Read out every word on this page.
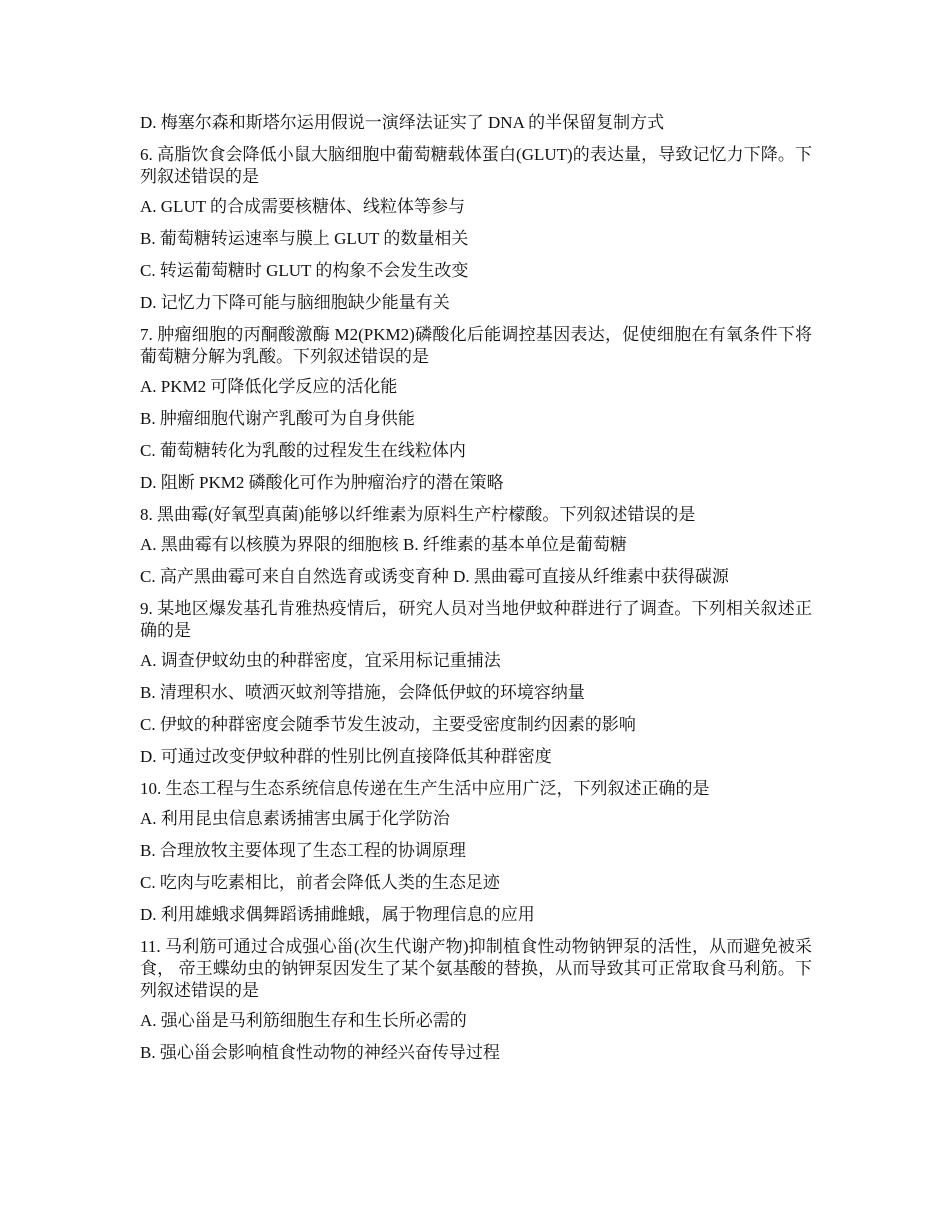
D. 梅塞尔森和斯塔尔运用假说一演绎法证实了 DNA 的半保留复制方式
6. 高脂饮食会降低小鼠大脑细胞中葡萄糖载体蛋白(GLUT)的表达量，导致记忆力下降。下列叙述错误的是
A. GLUT 的合成需要核糖体、线粒体等参与
B. 葡萄糖转运速率与膜上 GLUT 的数量相关
C. 转运葡萄糖时 GLUT 的构象不会发生改变
D. 记忆力下降可能与脑细胞缺少能量有关
7. 肿瘤细胞的丙酮酸激酶 M2(PKM2)磷酸化后能调控基因表达，促使细胞在有氧条件下将葡萄糖分解为乳酸。下列叙述错误的是
A. PKM2 可降低化学反应的活化能
B. 肿瘤细胞代谢产乳酸可为自身供能
C. 葡萄糖转化为乳酸的过程发生在线粒体内
D. 阻断 PKM2 磷酸化可作为肿瘤治疗的潜在策略
8. 黑曲霉(好氧型真菌)能够以纤维素为原料生产柠檬酸。下列叙述错误的是
A. 黑曲霉有以核膜为界限的细胞核 B. 纤维素的基本单位是葡萄糖
C. 高产黑曲霉可来自自然选育或诱变育种 D. 黑曲霉可直接从纤维素中获得碳源
9. 某地区爆发基孔肯雅热疫情后，研究人员对当地伊蚊种群进行了调查。下列相关叙述正确的是
A. 调查伊蚊幼虫的种群密度，宜采用标记重捕法
B. 清理积水、喷洒灭蚊剂等措施，会降低伊蚊的环境容纳量
C. 伊蚊的种群密度会随季节发生波动，主要受密度制约因素的影响
D. 可通过改变伊蚊种群的性别比例直接降低其种群密度
10. 生态工程与生态系统信息传递在生产生活中应用广泛，下列叙述正确的是
A. 利用昆虫信息素诱捕害虫属于化学防治
B. 合理放牧主要体现了生态工程的协调原理
C. 吃肉与吃素相比，前者会降低人类的生态足迹
D. 利用雄蛾求偶舞蹈诱捕雌蛾，属于物理信息的应用
11. 马利筋可通过合成强心甾(次生代谢产物)抑制植食性动物钠钾泵的活性，从而避免被采食， 帝王蝶幼虫的钠钾泵因发生了某个氨基酸的替换，从而导致其可正常取食马利筋。下列叙述错误的是
A. 强心甾是马利筋细胞生存和生长所必需的
B. 强心甾会影响植食性动物的神经兴奋传导过程
